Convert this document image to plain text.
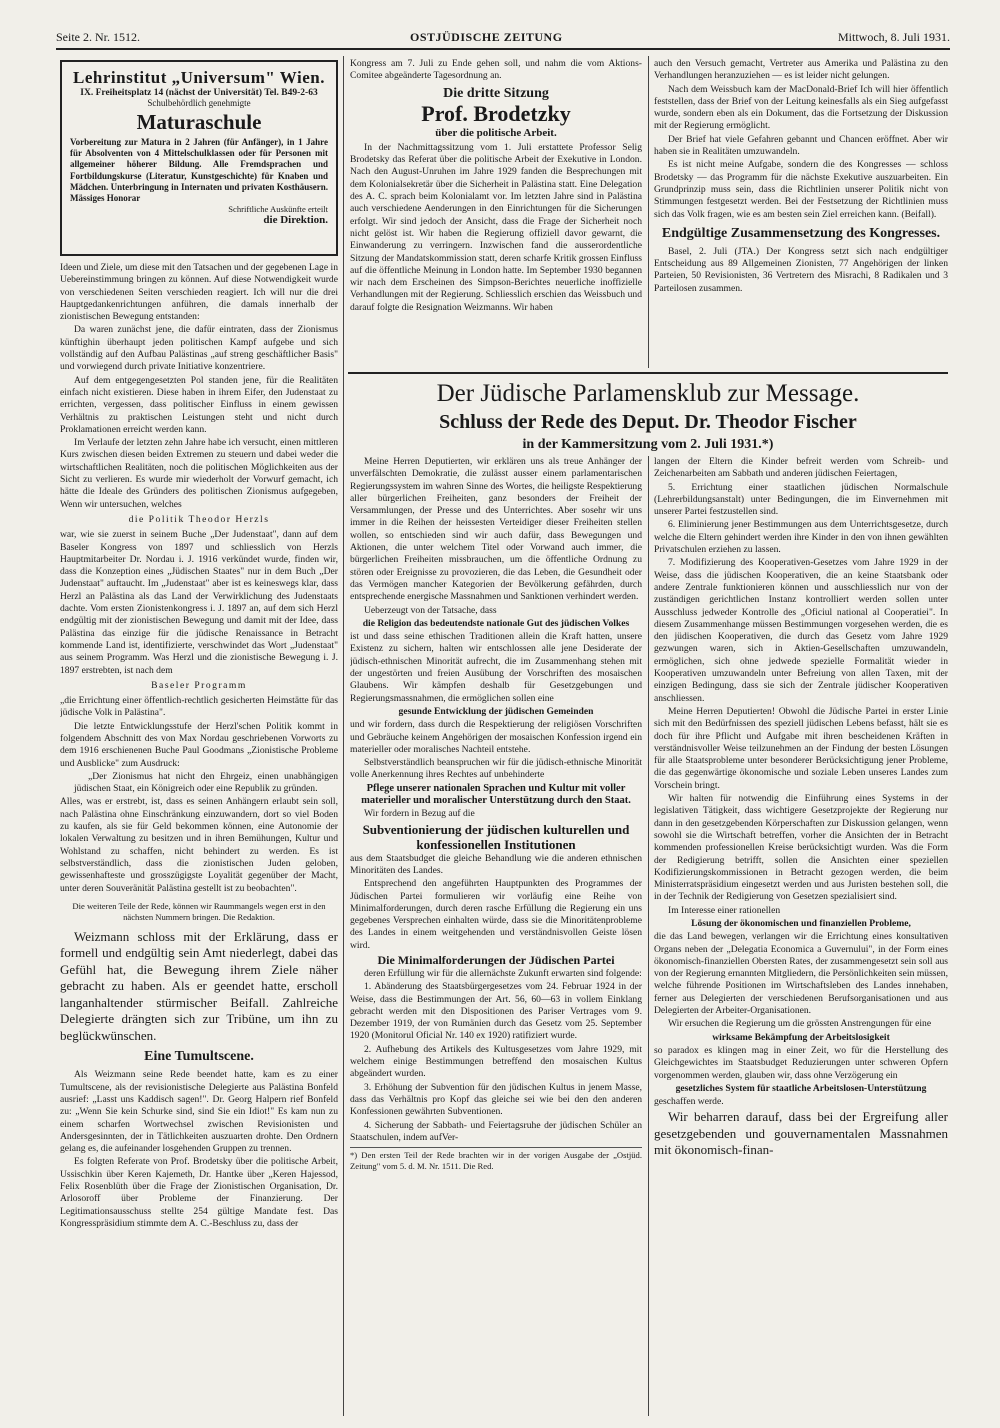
Seite 2. Nr. 1512.	OSTJÜDISCHE ZEITUNG	Mittwoch, 8. Juli 1931.
Lehrinstitut „Universum" Wien.
IX. Freiheitsplatz 14 (nächst der Universität) Tel. B49-2-63
Schulbehördlich genehmigte
Maturaschule
Vorbereitung zur Matura in 2 Jahren (für Anfänger), in 1 Jahre für Absolventen von 4 Mittelschulklassen oder für Personen mit allgemeiner höherer Bildung. Alle Fremdsprachen und Fortbildungskurse (Literatur, Kunstgeschichte) für Knaben und Mädchen. Unterbringung in Internaten und privaten Kosthäusern. Mässiges Honorar
Schriftliche Auskünfte erteilt
die Direktion.

Ideen und Ziele, um diese mit den Tatsachen und der gegebenen Lage in Uebereinstimmung bringen zu können. Auf diese Notwendigkeit wurde von verschiedenen Seiten verschieden reagiert. Ich will nur die drei Hauptgedankenrichtungen anführen, die damals innerhalb der zionistischen Bewegung entstanden:

Da waren zunächst jene, die dafür eintraten, dass der Zionismus künftighin überhaupt jeden politischen Kampf aufgebe und sich vollständig auf den Aufbau Palästinas „auf streng geschäftlicher Basis" und vorwiegend durch private Initiative konzentriere.

Auf dem entgegengesetzten Pol standen jene, für die Realitäten einfach nicht existieren. Diese haben in ihrem Eifer, den Judenstaat zu errichten, vergessen, dass politischer Einfluss in einem gewissen Verhältnis zu praktischen Leistungen steht und nicht durch Proklamationen erreicht werden kann.

Im Verlaufe der letzten zehn Jahre habe ich versucht, einen mittleren Kurs zwischen diesen beiden Extremen zu steuern und dabei weder die wirtschaftlichen Realitäten, noch die politischen Möglichkeiten aus der Sicht zu verlieren. Es wurde mir wiederholt der Vorwurf gemacht, ich hätte die Ideale des Gründers des politischen Zionismus aufgegeben, Wenn wir untersuchen, welches

die Politik Theodor Herzls

war, wie sie zuerst in seinem Buche „Der Judenstaat", dann auf dem Baseler Kongress von 1897 und schliesslich von Herzls Hauptmitarbeiter Dr. Nordau i. J. 1916 verkündet wurde, finden wir, dass die Konzeption eines „Jüdischen Staates" nur in dem Buch „Der Judenstaat" auftaucht. Im „Judenstaat" aber ist es keineswegs klar, dass Herzl an Palästina als das Land der Verwirklichung des Judenstaats dachte. Vom ersten Zionistenkongress i. J. 1897 an, auf dem sich Herzl endgültig mit der zionistischen Bewegung und damit mit der Idee, dass Palästina das einzige für die jüdische Renaissance in Betracht kommende Land ist, identifizierte, verschwindet das Wort „Judenstaat" aus seinem Programm. Was Herzl und die zionistische Bewegung i. J. 1897 erstrebten, ist nach dem

Baseler Programm

„die Errichtung einer öffentlich-rechtlich gesicherten Heimstätte für das jüdische Volk in Palästina".

Die letzte Entwicklungsstufe der Herzl'schen Politik kommt in folgendem Abschnitt des von Max Nordau geschriebenen Vorworts zu dem 1916 erschienenen Buche Paul Goodmans „Zionistische Probleme und Ausblicke" zum Ausdruck:

„Der Zionismus hat nicht den Ehrgeiz, einen unabhängigen jüdischen Staat, ein Königreich oder eine Republik zu gründen.

Alles, was er erstrebt, ist, dass es seinen Anhängern erlaubt sein soll, nach Palästina ohne Einschränkung einzuwandern, dort so viel Boden zu kaufen, als sie für Geld bekommen können, eine Autonomie der lokalen Verwaltung zu besitzen und in ihren Bemühungen, Kultur und Wohlstand zu schaffen, nicht behindert zu werden. Es ist selbstverständlich, dass die zionistischen Juden geloben, gewissenhafteste und grosszügigste Loyalität gegenüber der Macht, unter deren Souveränität Palästina gestellt ist zu beobachten".

Die weiteren Teile der Rede, können wir Raummangels wegen erst in den nächsten Nummern bringen. Die Redaktion.

Weizmann schloss mit der Erklärung, dass er formell und endgültig sein Amt niederlegt, dabei das Gefühl hat, die Bewegung ihrem Ziele näher gebracht zu haben. Als er geendet hatte, erscholl langanhaltender stürmischer Beifall. Zahlreiche Delegierte drängten sich zur Tribüne, um ihn zu beglückwünschen.

Eine Tumultscene.

Als Weizmann seine Rede beendet hatte, kam es zu einer Tumultscene, als der revisionistische Delegierte aus Palästina Bonfeld ausrief: „Lasst uns Kaddisch sagen!". Dr. Georg Halpern rief Bonfeld zu: „Wenn Sie kein Schurke sind, sind Sie ein Idiot!" Es kam nun zu einem scharfen Wortwechsel zwischen Revisionisten und Andersgesinnten, der in Tätlichkeiten auszuarten drohte. Den Ordnern gelang es, die aufeinander losgehenden Gruppen zu trennen.

Es folgten Referate von Prof. Brodetsky über die politische Arbeit, Ussischkin über Keren Kajemeth, Dr. Hantke über „Keren Hajessod, Felix Rosenblüth über die Frage der Zionistischen Organisation, Dr. Arlosoroff über Probleme der Finanzierung. Der Legitimationsausschuss stellte 254 gültige Mandate fest. Das Kongresspräsidium stimmte dem A. C.-Beschluss zu, dass der

Kongress am 7. Juli zu Ende gehen soll, und nahm die vom Aktions-Comitee abgeänderte Tagesordnung an.

Die dritte Sitzung

Prof. Brodetzky

über die politische Arbeit.

In der Nachmittagssitzung vom 1. Juli erstattete Professor Selig Brodetsky das Referat über die politische Arbeit der Exekutive in London. Nach den August-Unruhen im Jahre 1929 fanden die Besprechungen mit dem Kolonialsekretär über die Sicherheit in Palästina statt. Eine Delegation des A. C. sprach beim Kolonialamt vor. Im letzten Jahre sind in Palästina auch verschiedene Aenderungen in den Einrichtungen für die Sicherungen erfolgt. Wir sind jedoch der Ansicht, dass die Frage der Sicherheit noch nicht gelöst ist. Wir haben die Regierung offiziell davor gewarnt, die Einwanderung zu verringern. Inzwischen fand die ausserordentliche Sitzung der Mandatskommission statt, deren scharfe Kritik grossen Einfluss auf die öffentliche Meinung in London hatte. Im September 1930 begannen wir nach dem Erscheinen des Simpson-Berichtes neuerliche inoffizielle Verhandlungen mit der Regierung. Schliesslich erschien das Weissbuch und darauf folgte die Resignation Weizmanns. Wir haben

auch den Versuch gemacht, Vertreter aus Amerika und Palästina zu den Verhandlungen heranzuziehen — es ist leider nicht gelungen.

Nach dem Weissbuch kam der MacDonald-Brief Ich will hier öffentlich feststellen, dass der Brief von der Leitung keinesfalls als ein Sieg aufgefasst wurde, sondern eben als ein Dokument, das die Fortsetzung der Diskussion mit der Regierung ermöglicht.

Der Brief hat viele Gefahren gebannt und Chancen eröffnet. Aber wir haben sie in Realitäten umzuwandeln.

Es ist nicht meine Aufgabe, sondern die des Kongresses — schloss Brodetsky — das Programm für die nächste Exekutive auszuarbeiten. Ein Grundprinzip muss sein, dass die Richtlinien unserer Politik nicht von Stimmungen festgesetzt werden. Bei der Festsetzung der Richtlinien muss sich das Volk fragen, wie es am besten sein Ziel erreichen kann. (Beifall).

Endgültige Zusammensetzung des Kongresses.

Basel, 2. Juli (JTA.) Der Kongress setzt sich nach endgültiger Entscheidung aus 89 Allgemeinen Zionisten, 77 Angehörigen der linken Parteien, 50 Revisionisten, 36 Vertretern des Misrachi, 8 Radikalen und 3 Parteilosen zusammen.

Der Jüdische Parlamensklub zur Message.
Schluss der Rede des Deput. Dr. Theodor Fischer
in der Kammersitzung vom 2. Juli 1931.*)

Meine Herren Deputierten, wir erklären uns als treue Anhänger der unverfälschten Demokratie, die zulässt ausser einem parlamentarischen Regierungssystem im wahren Sinne des Wortes, die heiligste Respektierung aller bürgerlichen Freiheiten, ganz besonders der Freiheit der Versammlungen, der Presse und des Unterrichtes. Aber sosehr wir uns immer in die Reihen der heissesten Verteidiger dieser Freiheiten stellen wollen, so entschieden sind wir auch dafür, dass Bewegungen und Aktionen, die unter welchem Titel oder Vorwand auch immer, die bürgerlichen Freiheiten missbrauchen, um die öffentliche Ordnung zu stören oder Ereignisse zu provozieren, die das Leben, die Gesundheit oder das Vermögen mancher Kategorien der Bevölkerung gefährden, durch entsprechende energische Massnahmen und Sanktionen verhindert werden.

Ueberzeugt von der Tatsache, dass

die Religion das bedeutendste nationale Gut des jüdischen Volkes

ist und dass seine ethischen Traditionen allein die Kraft hatten, unsere Existenz zu sichern, halten wir entschlossen alle jene Desiderate der jüdisch-ethnischen Minorität aufrecht, die im Zusammenhang stehen mit der ungestörten und freien Ausübung der Vorschriften des mosaischen Glaubens. Wir kämpfen deshalb für Gesetzgebungen und Regierungsmassnahmen, die ermöglichen sollen eine

gesunde Entwicklung der jüdischen Gemeinden

und wir fordern, dass durch die Respektierung der religiösen Vorschriften und Gebräuche keinem Angehörigen der mosaischen Konfession irgend ein materieller oder moralisches Nachteil entstehe.

Selbstverständlich beanspruchen wir für die jüdisch-ethnische Minorität volle Anerkennung ihres Rechtes auf unbehinderte

Pflege unserer nationalen Sprachen und Kultur mit voller materieller und moralischer Unterstützung durch den Staat.

Wir fordern in Bezug auf die

Subventionierung der jüdischen kulturellen und konfessionellen Institutionen

aus dem Staatsbudget die gleiche Behandlung wie die anderen ethnischen Minoritäten des Landes.

Entsprechend den angeführten Hauptpunkten des Programmes der Jüdischen Partei formulieren wir vorläufig eine Reihe von Minimalforderungen, durch deren rasche Erfüllung die Regierung ein uns gegebenes Versprechen einhalten würde, dass sie die Minoritätenprobleme des Landes in einem weitgehenden und verständnisvollen Geiste lösen wird.

Die Minimalforderungen der Jüdischen Partei

deren Erfüllung wir für die allernächste Zukunft erwarten sind folgende:

1. Abänderung des Staatsbürgergesetzes vom 24. Februar 1924 in der Weise, dass die Bestimmungen der Art. 56, 60—63 in vollem Einklang gebracht werden mit den Dispositionen des Pariser Vertrages vom 9. Dezember 1919, der von Rumänien durch das Gesetz vom 25. September 1920 (Monitorul Oficial Nr. 140 ex 1920) ratifiziert wurde.

2. Aufhebung des Artikels des Kultusgesetzes vom Jahre 1929, mit welchem einige Bestimmungen betreffend den mosaischen Kultus abgeändert wurden.

3. Erhöhung der Subvention für den jüdischen Kultus in jenem Masse, dass das Verhältnis pro Kopf das gleiche sei wie bei den den anderen Konfessionen gewährten Subventionen.

4. Sicherung der Sabbath- und Feiertagsruhe der jüdischen Schüler an Staatschulen, indem aufVer-

*) Den ersten Teil der Rede brachten wir in der vorigen Ausgabe der „Ostjüd. Zeitung" vom 5. d. M. Nr. 1511. Die Red.

langen der Eltern die Kinder befreit werden vom Schreib- und Zeichenarbeiten am Sabbath und anderen jüdischen Feiertagen,

5. Errichtung einer staatlichen jüdischen Normalschule (Lehrerbildungsanstalt) unter Bedingungen, die im Einvernehmen mit unserer Partei festzustellen sind.

6. Eliminierung jener Bestimmungen aus dem Unterrichtsgesetze, durch welche die Eltern gehindert werden ihre Kinder in den von ihnen gewählten Privatschulen erziehen zu lassen.

7. Modifizierung des Kooperativen-Gesetzes vom Jahre 1929 in der Weise, dass die jüdischen Kooperativen, die an keine Staatsbank oder andere Zentrale funktionieren können und ausschliesslich nur von der zuständigen gerichtlichen Instanz kontrolliert werden sollen unter Ausschluss jedweder Kontrolle des „Oficiul national al Cooperatiei". In diesem Zusammenhange müssen Bestimmungen vorgesehen werden, die es den jüdischen Kooperativen, die durch das Gesetz vom Jahre 1929 gezwungen waren, sich in Aktien-Gesellschaften umzuwandeln, ermöglichen, sich ohne jedwede spezielle Formalität wieder in Kooperativen umzuwandeln unter Befreiung von allen Taxen, mit der einzigen Bedingung, dass sie sich der Zentrale jüdischer Kooperativen anschliessen.

Meine Herren Deputierten! Obwohl die Jüdische Partei in erster Linie sich mit den Bedürfnissen des speziell jüdischen Lebens befasst, hält sie es doch für ihre Pflicht und Aufgabe mit ihren bescheidenen Kräften in verständnisvoller Weise teilzunehmen an der Findung der besten Lösungen für alle Staatsprobleme unter besonderer Berücksichtigung jener Probleme, die das gegenwärtige ökonomische und soziale Leben unseres Landes zum Vorschein bringt.

Wir halten für notwendig die Einführung eines Systems in der legislativen Tätigkeit, dass wichtigere Gesetzprojekte der Regierung nur dann in den gesetzgebenden Körperschaften zur Diskussion gelangen, wenn sowohl sie die Wirtschaft betreffen, vorher die Ansichten der in Betracht kommenden professionellen Kreise berücksichtigt wurden. Was die Form der Redigierung betrifft, sollen die Ansichten einer speziellen Kodifizierungskommissionen in Betracht gezogen werden, die beim Ministerratspräsidium eingesetzt werden und aus Juristen bestehen soll, die in der Technik der Redigierung von Gesetzen spezialisiert sind.

Im Interesse einer rationellen

Lösung der ökonomischen und finanziellen Probleme,

die das Land bewegen, verlangen wir die Errichtung eines konsultativen Organs neben der „Delegatia Economica a Guvernului", in der Form eines ökonomisch-finanziellen Obersten Rates, der zusammengesetzt sein soll aus von der Regierung ernannten Mitgliedern, die Persönlichkeiten sein müssen, welche führende Positionen im Wirtschaftsleben des Landes innehaben, ferner aus Delegierten der verschiedenen Berufsorganisationen und aus Delegierten der Arbeiter-Organisationen.

Wir ersuchen die Regierung um die grössten Anstrengungen für eine

wirksame Bekämpfung der Arbeitslosigkeit

so paradox es klingen mag in einer Zeit, wo für die Herstellung des Gleichgewichtes im Staatsbudget Reduzierungen unter schweren Opfern vorgenommen werden, glauben wir, dass ohne Verzögerung ein

gesetzliches System für staatliche Arbeitslosen-Unterstützung

geschaffen werde.

Wir beharren darauf, dass bei der Ergreifung aller gesetzgebenden und gouvernamentalen Massnahmen mit ökonomisch-finan-
